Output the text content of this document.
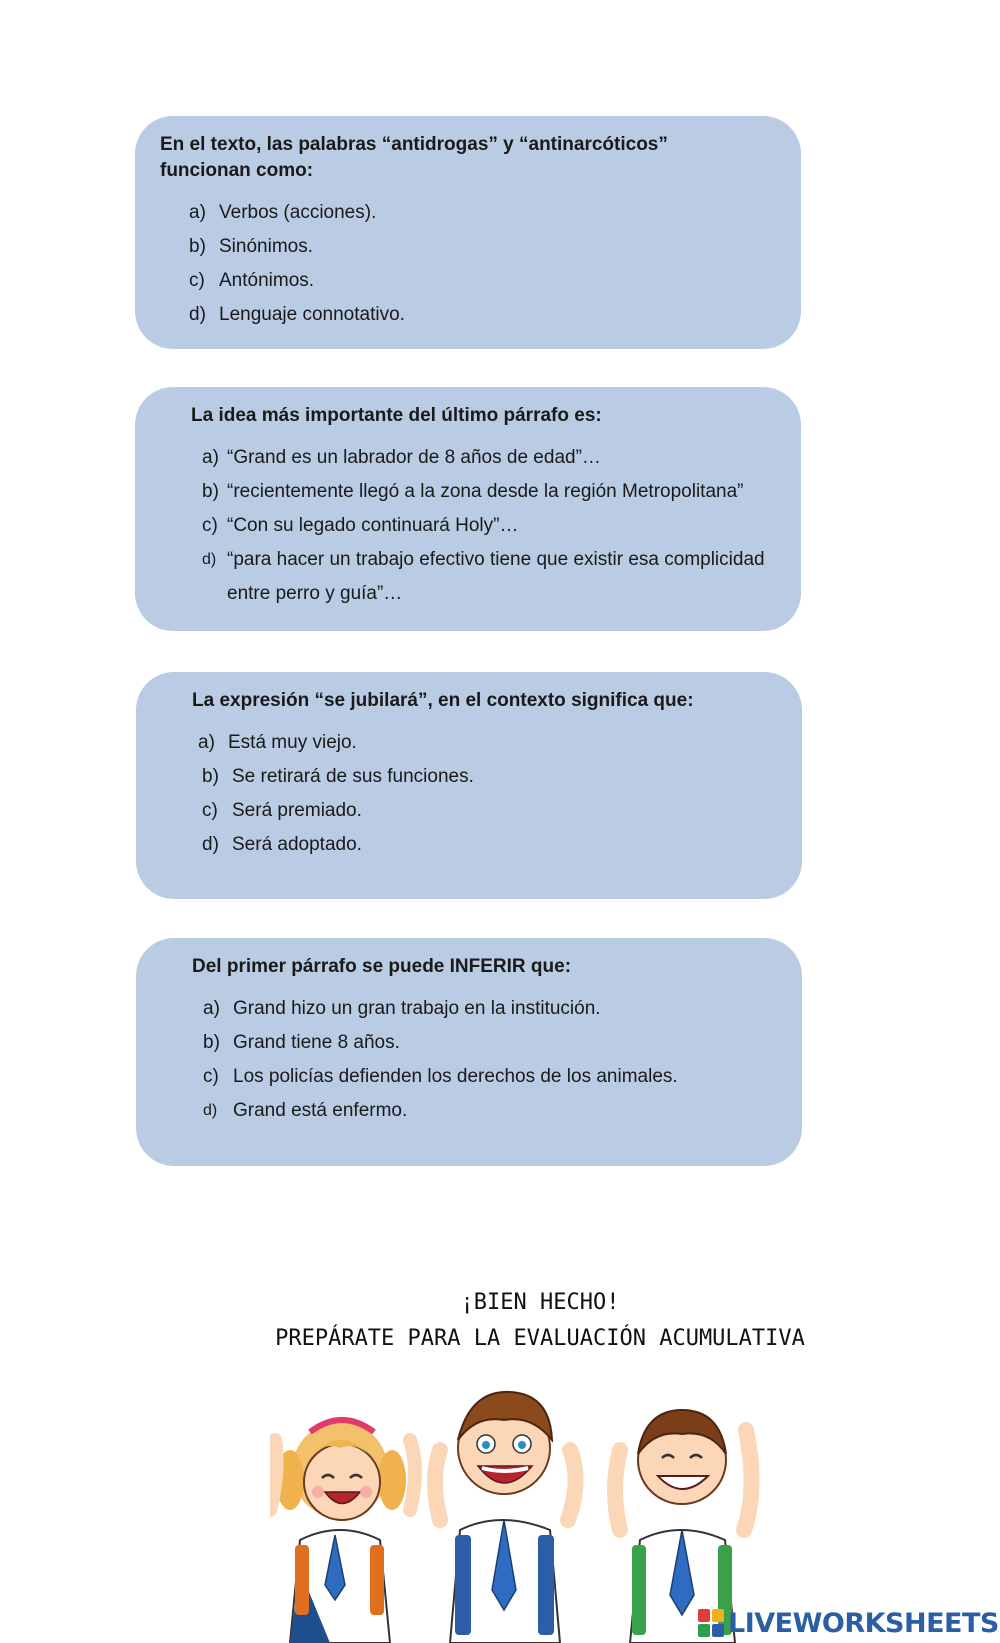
En el texto, las palabras “antidrogas” y “antinarcóticos”
funcionan como:

a) Verbos (acciones).
b) Sinónimos.
c) Antónimos.
d) Lenguaje connotativo.

La idea más importante del último párrafo es:

a) “Grand es un labrador de 8 años de edad”…
b) “recientemente llegó a la zona desde la región Metropolitana”
c) “Con su legado continuará Holy”…
d) “para hacer un trabajo efectivo tiene que existir esa complicidad entre perro y guía”…

La expresión “se jubilará”, en el contexto significa que:

a) Está muy viejo.
b) Se retirará de sus funciones.
c) Será premiado.
d) Será adoptado.

Del primer párrafo se puede INFERIR que:

a) Grand hizo un gran trabajo en la institución.
b) Grand tiene 8 años.
c) Los policías defienden los derechos de los animales.
d) Grand está enfermo.
¡BIEN HECHO!
PREPÁRATE PARA LA EVALUACIÓN ACUMULATIVA
LIVEWORKSHEETS
